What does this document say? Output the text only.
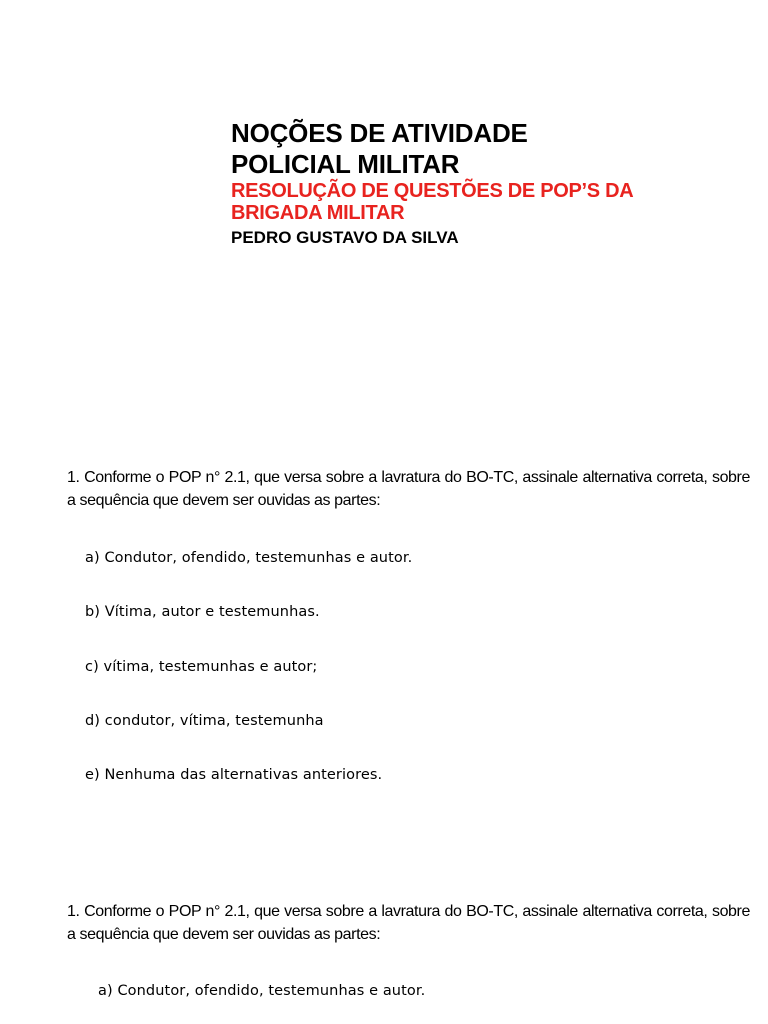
NOÇÕES DE ATIVIDADE

POLICIAL MILITAR

RESOLUÇÃO DE QUESTÕES DE POP’S DA

BRIGADA MILITAR

PEDRO GUSTAVO DA SILVA

1. Conforme o POP n° 2.1, que versa sobre a lavratura do BO-TC, assinale alternativa correta, sobre a sequência que devem ser ouvidas as partes:
a) Condutor, ofendido, testemunhas e autor.
b) Vítima, autor e testemunhas.
c) vítima, testemunhas e autor;
d) condutor, vítima, testemunha
e) Nenhuma das alternativas anteriores.
1. Conforme o POP n° 2.1, que versa sobre a lavratura do BO-TC, assinale alternativa correta, sobre a sequência que devem ser ouvidas as partes:
a) Condutor, ofendido, testemunhas e autor.
